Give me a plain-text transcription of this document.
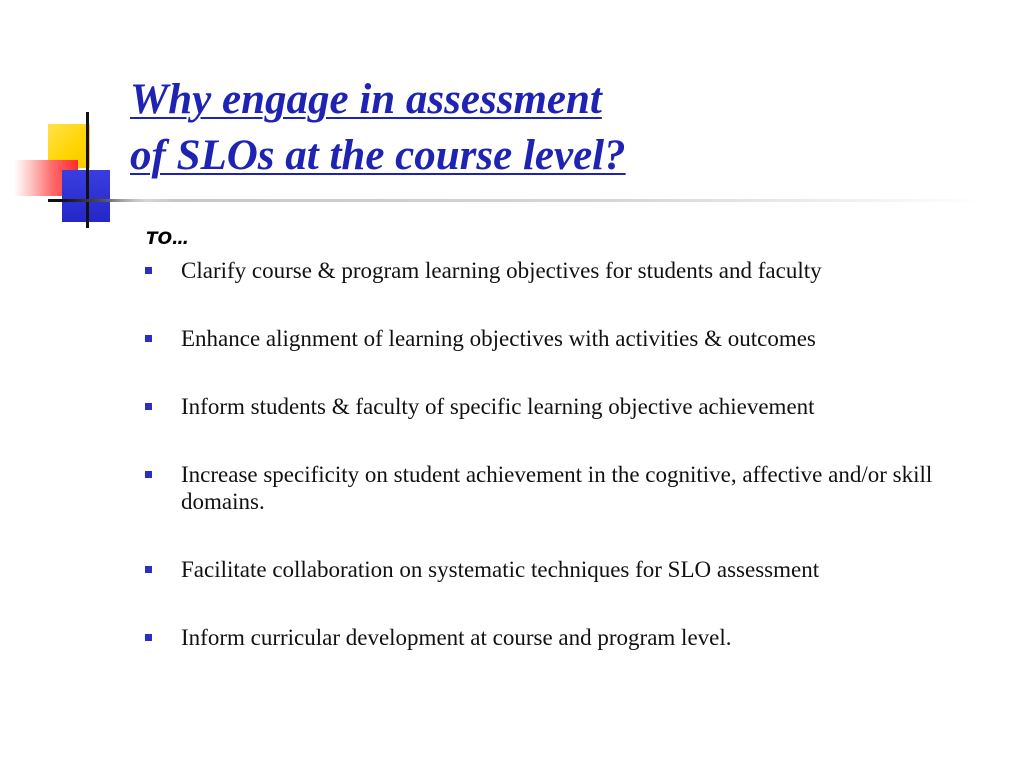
Why engage in assessment
of SLOs at the course level?

TO…

Clarify course & program learning objectives for students and faculty
Enhance alignment of learning objectives with activities & outcomes
Inform students & faculty of specific learning objective achievement
Increase specificity on student achievement in the cognitive, affective and/or skill domains.
Facilitate collaboration on systematic techniques for SLO assessment
Inform curricular development at course and program level.
